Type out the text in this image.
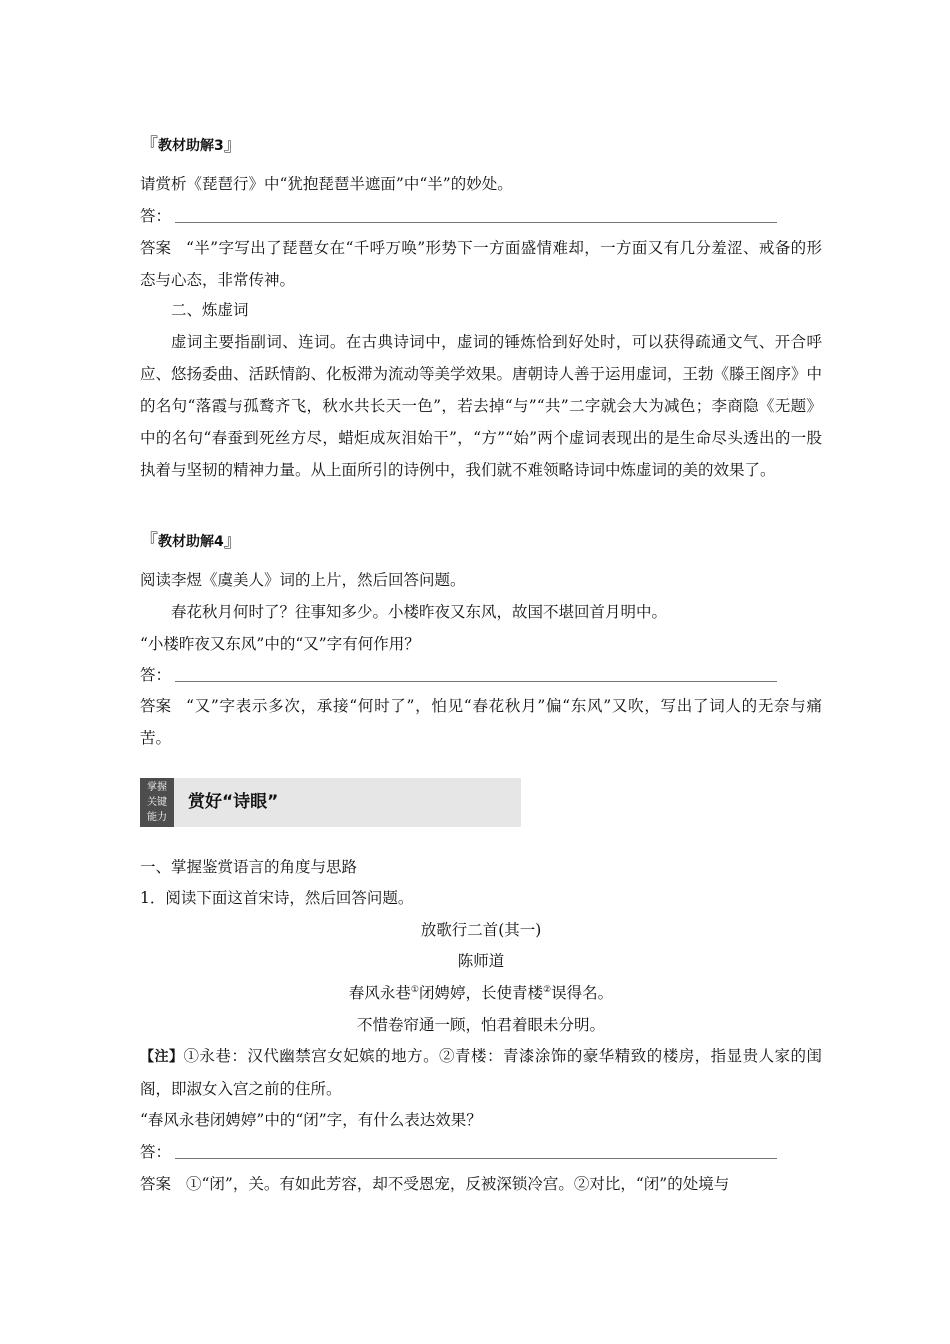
『教材助解3』
请赏析《琵琶行》中“犹抱琵琶半遮面”中“半”的妙处。
答：
答案 “半”字写出了琵琶女在“千呼万唤”形势下一方面盛情难却，一方面又有几分羞涩、戒备的形态与心态，非常传神。
二、炼虚词
虚词主要指副词、连词。在古典诗词中，虚词的锤炼恰到好处时，可以获得疏通文气、开合呼应、悠扬委曲、活跃情韵、化板滞为流动等美学效果。唐朝诗人善于运用虚词，王勃《滕王阁序》中的名句“落霞与孤鹜齐飞，秋水共长天一色”，若去掉“与”“共”二字就会大为减色；李商隐《无题》中的名句“春蚕到死丝方尽，蜡炬成灰泪始干”，“方”“始”两个虚词表现出的是生命尽头透出的一股执着与坚韧的精神力量。从上面所引的诗例中，我们就不难领略诗词中炼虚词的美的效果了。
『教材助解4』
阅读李煜《虞美人》词的上片，然后回答问题。
春花秋月何时了？往事知多少。小楼昨夜又东风，故国不堪回首月明中。
“小楼昨夜又东风”中的“又”字有何作用？
答：
答案 “又”字表示多次，承接“何时了”，怕见“春花秋月”偏“东风”又吹，写出了词人的无奈与痛苦。
掌握
关键
能力
赏好“诗眼”
一、掌握鉴赏语言的角度与思路
1．阅读下面这首宋诗，然后回答问题。
放歌行二首(其一)
陈师道
春风永巷①闭娉婷，长使青楼②误得名。
不惜卷帘通一顾，怕君着眼未分明。
【注】①永巷：汉代幽禁宫女妃嫔的地方。②青楼：青漆涂饰的豪华精致的楼房，指显贵人家的闺阁，即淑女入宫之前的住所。
“春风永巷闭娉婷”中的“闭”字，有什么表达效果？
答：
答案 ①“闭”，关。有如此芳容，却不受恩宠，反被深锁冷宫。②对比，“闭”的处境与
